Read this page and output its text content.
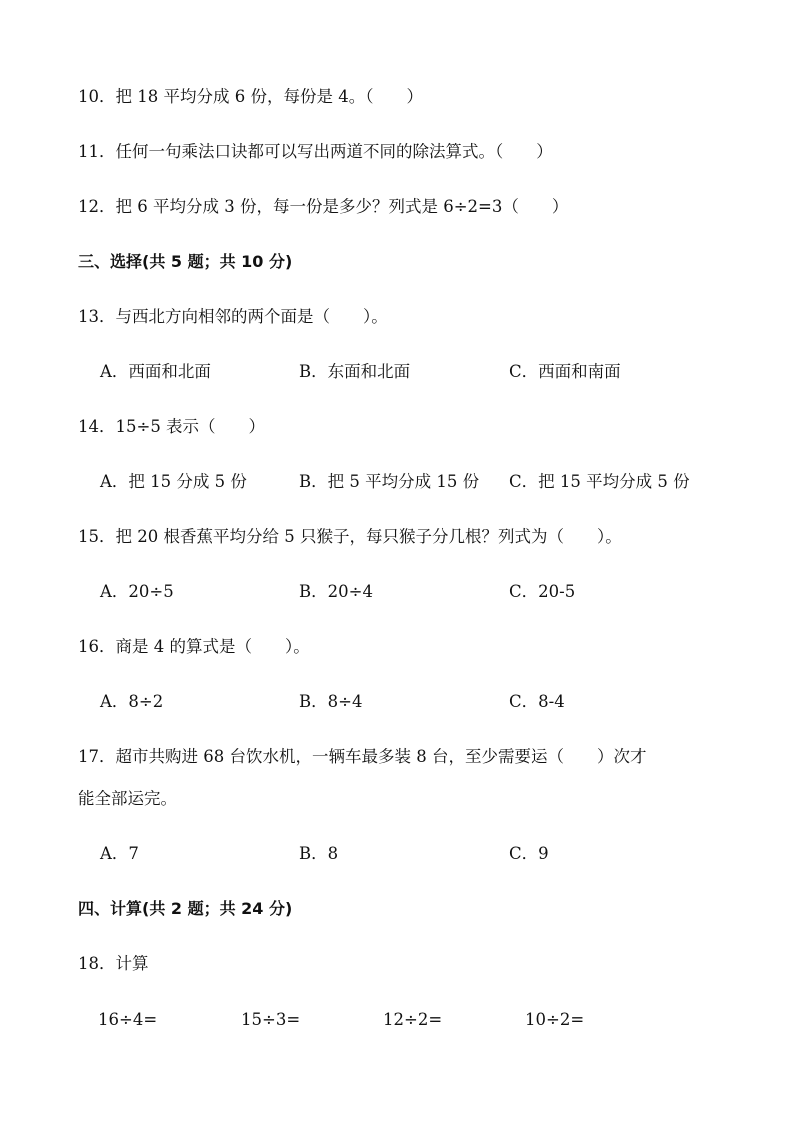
10．把 18 平均分成 6 份，每份是 4。（　　）
11．任何一句乘法口诀都可以写出两道不同的除法算式。（　　）
12．把 6 平均分成 3 份，每一份是多少？列式是 6÷2=3（　　）
三、选择(共 5 题；共 10 分)
13．与西北方向相邻的两个面是（　　）。
A．西面和北面	B．东面和北面	C．西面和南面
14．15÷5 表示（　　）
A．把 15 分成 5 份	B．把 5 平均分成 15 份 C．把 15 平均分成 5 份
15．把 20 根香蕉平均分给 5 只猴子，每只猴子分几根？列式为（　　）。
A．20÷5	B．20÷4	C．20-5
16．商是 4 的算式是（　　）。
A．8÷2	B．8÷4	C．8-4
17．超市共购进 68 台饮水机，一辆车最多装 8 台，至少需要运（　　）次才
能全部运完。
A．7	B．8	C．9
四、计算(共 2 题；共 24 分)
18．计算
16÷4=	15÷3=	12÷2=	10÷2=
